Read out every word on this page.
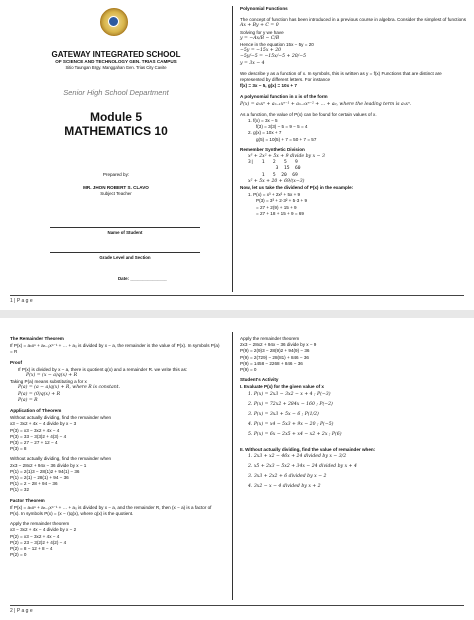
GATEWAY INTEGRATED SCHOOL
OF SCIENCE AND TECHNOLOGY GEN. TRIAS CAMPUS
Sitio Taungan Brgy. Manggahan Gen. Trias City Cavite
Senior High School Department
Module 5
MATHEMATICS 10
Prepared by:
MR. JHON ROBERT S. CLAVO
Subject Teacher
Name of Student
Grade Level and Section
Date: _______________

Polynomial Functions

The concept of function has been introduced in a previous course in algebra. Consider the simplest of functions

Ax + By + C = 0

Solving for y we have

y = −Ax/B − C/B

Hence in the equation 15x − 5y = 20

−5y = −15x + 20

−5y/−5 = −15x/−5 + 20/−5

y = 3x − 4

We describe y as a function of x. In symbols, this is written as y = f(x) Functions that are distinct are represented by different letters. For instance

f(x) = 3x − 5, g(x) = 10x + 7

A polynomial function in x is of the form

P(x) = aₙxⁿ + aₙ₋₁xⁿ⁻¹ + aₙ₋₂xⁿ⁻² + … + a₀, where the leading term is aₙxⁿ.

As a function, the value of P(x) can be found for certain values of x.

1. f(x) = 3x − 5

f(3) = 3(3) − 5 = 9 − 5 = 4

2. g(x) = 10x + 7

g(5) = 10(5) + 7 = 50 + 7 = 57

Remember Synthetic Division

x³ + 2x² + 5x + 9 divide by x − 3

3|   1   2   5   9

3  15  60

1   5  20  69

x² + 5x + 20 + 69/(x−3)

Now, let us take the dividend of P(x) in the example:

1. P(x) = x³ + 2x² + 5x + 9

P(3) = 3³ + 2·3² + 5·3 + 9

= 27 + 2(9) + 15 + 9

= 27 + 18 + 15 + 9 = 69

1 | P a g e

The Remainder Theorem

If P(x) = aₙxⁿ + aₙ₋₁xⁿ⁻¹ + … + a₀ is divided by x − a, the remainder is the value of P(x). In symbols P(a) = R

Proof

If P(x) is divided by x − a, there is quotient q(x) and a remainder R. we write this as:

P(x) = (x − a)q(x) + R

Taking P(a) means substituting a for x

P(a) = (a − a)q(x) + R, where R is constant.

P(a) = (0)q(x) + R

P(a) = R

Application of Theorem

Without actually dividing, find the remainder when

x3 − 3x2 + 4x − 4 divide by x − 3

P(3) = x3 − 3x2 + 4x − 4

P(3) = 33 − 3(3)2 + 4(3) − 4

P(3) = 27 − 27 + 12 − 4

P(3) = 8

Without actually dividing, find the remainder when

2x3 − 28x2 + 94x − 36 divide by x − 1

P(1) = 2(1)3 − 28(1)2 + 94(1) − 36

P(1) = 2(1) − 28(1) + 94 − 36

P(1) = 2 − 28 + 94 − 36

P(1) = 32

Factor Theorem

If P(x) = aₙxⁿ + aₙ₋₁xⁿ⁻¹ + … + a₀ is divided by x − a, and the remainder R, then (x − a) is a factor of P(x). In symbols P(x) = (x − r)q(x), where q(x) is the quotient.

Apply the remainder theorem

x3 − 3x2 + 4x − 4 divide by x − 2

P(2) = x3 − 3x2 + 4x − 4

P(2) = 23 − 3(2)2 + 4(2) − 4

P(2) = 8 − 12 + 8 − 4

P(2) = 0

Apply the remainder theorem

2x3 − 28x2 + 94x − 36 divide by x − 9

P(9) = 2(9)3 − 28(9)2 + 94(9) − 36

P(9) = 2(729) − 28(81) + 846 − 36

P(9) = 1458 − 2268 + 846 − 36

P(9) = 0

Student's Activity

I. Evaluate P(x) for the given value of x

1. P(x) = 2x3 − 3x2 − x + 4 ; P(−3)

2. P(x) = 72x2 + 284x − 160 ; P(−2)

3. P(x) = 3x3 + 5x − 6 ; P(1/2)

4. P(x) = x4 − 5x3 + 9x − 20 ; P(−5)

5. P(x) = 6x − 2x5 + x4 − x2 + 2x ; P(6)

II. Without actually dividing, find the value of remainder when:

1. 2x3 + x2 − 46x + 24 divided by x − 3/2

2. x5 + 2x3 − 5x2 + 34x − 24 divided by x + 4

3. 3x3 + 2x2 + 6 divided by x − 2

4. 3x2 − x − 4 divided by x + 2

2 | P a g e
